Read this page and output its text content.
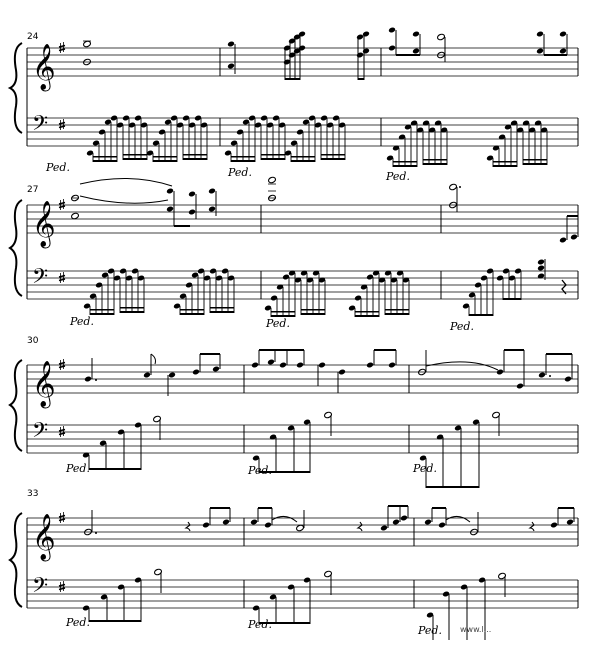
24
𝄞
𝄢
Ped.	Ped.	Ped.
27
𝄞
𝄢
Ped.	Ped.	Ped.
30
𝄞
𝄢
Ped.	Ped.	Ped.
33
𝄞
𝄢
Ped.	Ped.	Ped. www.l...
